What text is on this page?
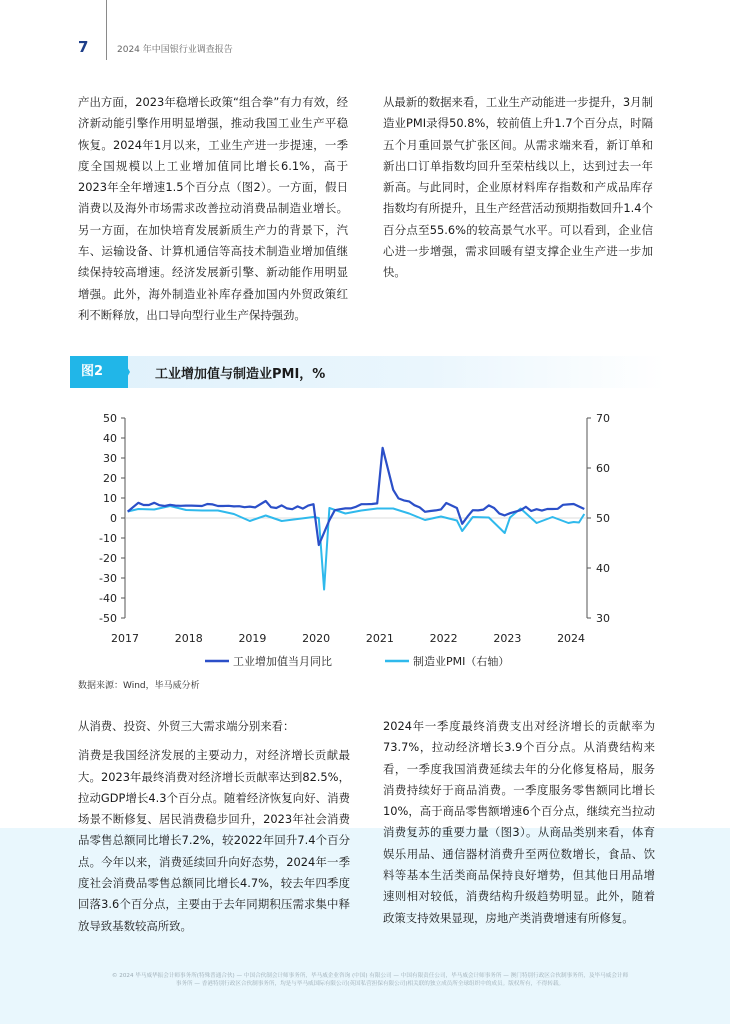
7	2024 年中国银行业调查报告

产出方面，2023年稳增长政策“组合拳”有力有效，经济新动能引擎作用明显增强，推动我国工业生产平稳恢复。2024年1月以来，工业生产进一步提速，一季度全国规模以上工业增加值同比增长6.1%，高于2023年全年增速1.5个百分点（图2）。一方面，假日消费以及海外市场需求改善拉动消费品制造业增长。另一方面，在加快培育发展新质生产力的背景下，汽车、运输设备、计算机通信等高技术制造业增加值继续保持较高增速。经济发展新引擎、新动能作用明显增强。此外，海外制造业补库存叠加国内外贸政策红利不断释放，出口导向型行业生产保持强劲。

从最新的数据来看，工业生产动能进一步提升，3月制造业PMI录得50.8%，较前值上升1.7个百分点，时隔五个月重回景气扩张区间。从需求端来看，新订单和新出口订单指数均回升至荣枯线以上，达到过去一年新高。与此同时，企业原材料库存指数和产成品库存指数均有所提升，且生产经营活动预期指数回升1.4个百分点至55.6%的较高景气水平。可以看到，企业信心进一步增强，需求回暖有望支撑企业生产进一步加快。

图2	工业增加值与制造业PMI，%
50
40
30
20
10
0
-10
-20
-30
-40
-50
70
60
50
40
30
2017	2018	2019	2020	2021	2022	2023	2024
工业增加值当月同比	制造业PMI（右轴）
数据来源：Wind，毕马威分析

从消费、投资、外贸三大需求端分别来看：

消费是我国经济发展的主要动力，对经济增长贡献最大。2023年最终消费对经济增长贡献率达到82.5%，拉动GDP增长4.3个百分点。随着经济恢复向好、消费场景不断修复、居民消费稳步回升，2023年社会消费品零售总额同比增长7.2%，较2022年回升7.4个百分点。今年以来，消费延续回升向好态势，2024年一季度社会消费品零售总额同比增长4.7%，较去年四季度回落3.6个百分点，主要由于去年同期积压需求集中释放导致基数较高所致。

2024年一季度最终消费支出对经济增长的贡献率为73.7%，拉动经济增长3.9个百分点。从消费结构来看，一季度我国消费延续去年的分化修复格局，服务消费持续好于商品消费。一季度服务零售额同比增长10%，高于商品零售额增速6个百分点，继续充当拉动消费复苏的重要力量（图3）。从商品类别来看，体育娱乐用品、通信器材消费升至两位数增长，食品、饮料等基本生活类商品保持良好增势，但其他日用品增速则相对较低，消费结构升级趋势明显。此外，随着政策支持效果显现，房地产类消费增速有所修复。

© 2024 毕马威华振会计师事务所(特殊普通合伙) — 中国合伙制会计师事务所，毕马威企业咨询 (中国) 有限公司 — 中国有限责任公司，毕马威会计师事务所 — 澳门特别行政区合伙制事务所，及毕马威会计师事务所 — 香港特别行政区合伙制事务所，均是与毕马威国际有限公司(英国私营担保有限公司)相关联的独立成员所全球组织中的成员。版权所有，不得转载。
